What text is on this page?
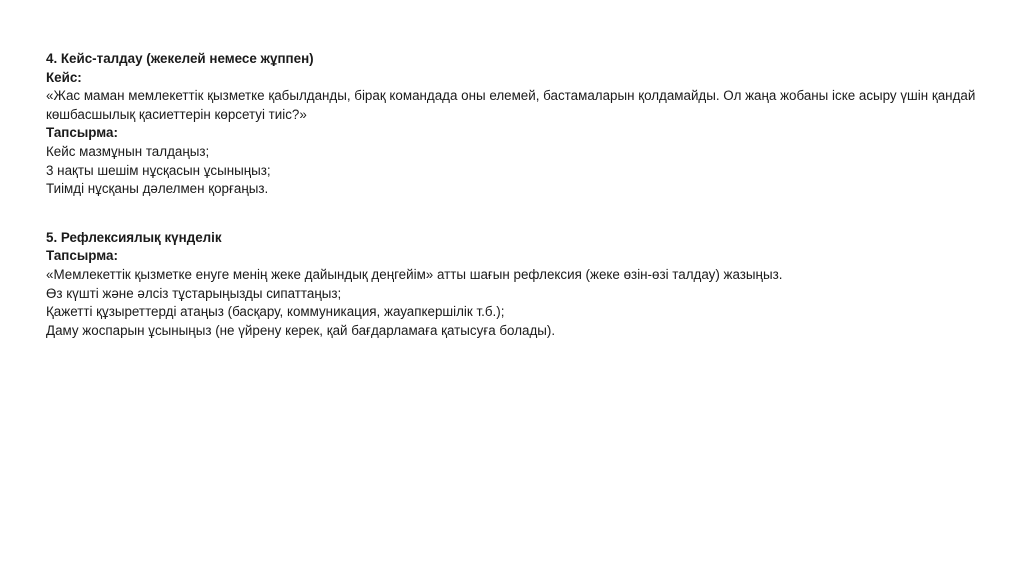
4. Кейс-талдау (жекелей немесе жұппен)

Кейс:

«Жас маман мемлекеттік қызметке қабылданды, бірақ командада оны елемей, бастамаларын қолдамайды. Ол жаңа жобаны іске асыру үшін қандай көшбасшылық қасиеттерін көрсетуі тиіс?»

Тапсырма:

Кейс мазмұнын талдаңыз;

3 нақты шешім нұсқасын ұсыныңыз;

Тиімді нұсқаны дәлелмен қорғаңыз.

5. Рефлексиялық күнделік

Тапсырма:

«Мемлекеттік қызметке енуге менің жеке дайындық деңгейім» атты шағын рефлексия (жеке өзін-өзі талдау) жазыңыз.

Өз күшті және әлсіз тұстарыңызды сипаттаңыз;

Қажетті құзыреттерді атаңыз (басқару, коммуникация, жауапкершілік т.б.);

Даму жоспарын ұсыныңыз (не үйрену керек, қай бағдарламаға қатысуға болады).
